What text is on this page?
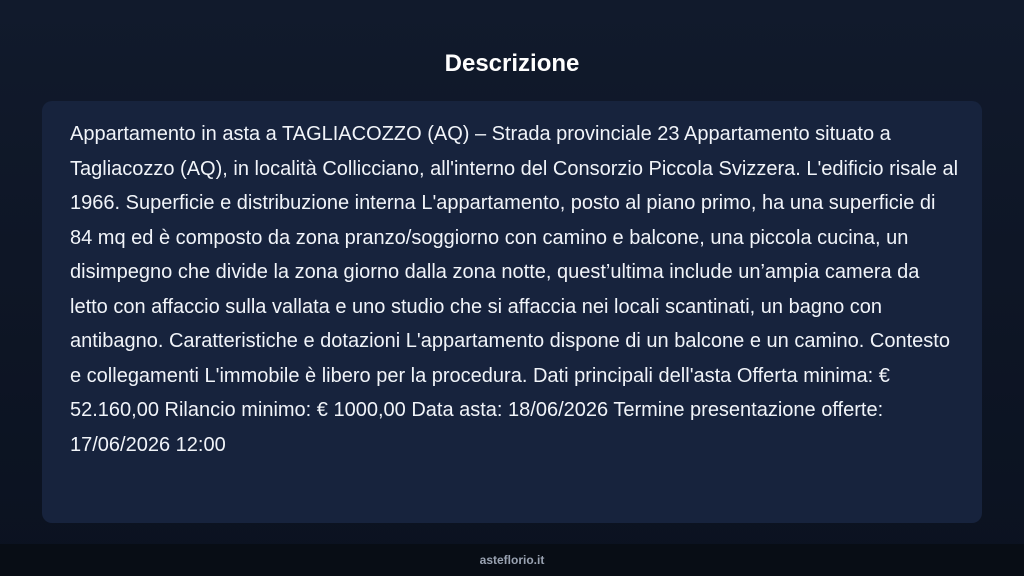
Descrizione

Appartamento in asta a TAGLIACOZZO (AQ) – Strada provinciale 23 Appartamento situato a Tagliacozzo (AQ), in località Collicciano, all'interno del Consorzio Piccola Svizzera. L'edificio risale al 1966. Superficie e distribuzione interna L'appartamento, posto al piano primo, ha una superficie di 84 mq ed è composto da zona pranzo/soggiorno con camino e balcone, una piccola cucina, un disimpegno che divide la zona giorno dalla zona notte, quest’ultima include un’ampia camera da letto con affaccio sulla vallata e uno studio che si affaccia nei locali scantinati, un bagno con antibagno. Caratteristiche e dotazioni L'appartamento dispone di un balcone e un camino. Contesto e collegamenti L'immobile è libero per la procedura. Dati principali dell'asta Offerta minima: € 52.160,00 Rilancio minimo: € 1000,00 Data asta: 18/06/2026 Termine presentazione offerte: 17/06/2026 12:00

asteflorio.it
